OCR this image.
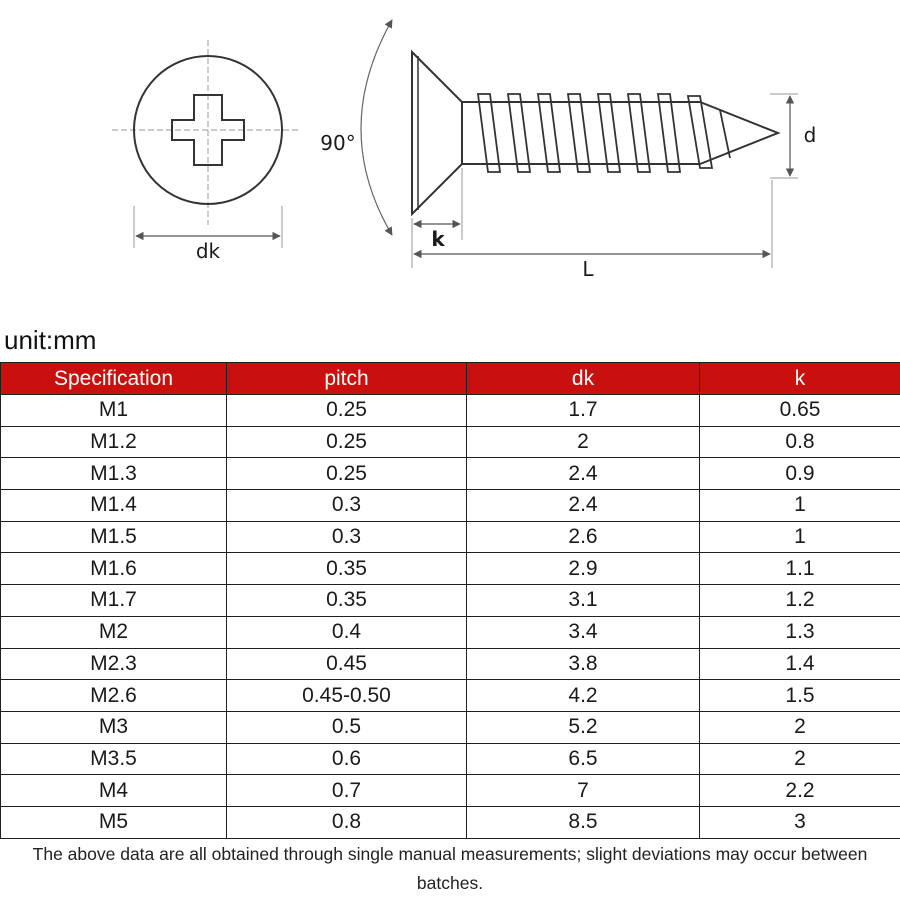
dk
90°	d
k
L
unit:mm
Specification	pitch	dk	k
M1	0.25	1.7	0.65
M1.2	0.25	2	0.8
M1.3	0.25	2.4	0.9
M1.4	0.3	2.4	1
M1.5	0.3	2.6	1
M1.6	0.35	2.9	1.1
M1.7	0.35	3.1	1.2
M2	0.4	3.4	1.3
M2.3	0.45	3.8	1.4
M2.6	0.45-0.50	4.2	1.5
M3	0.5	5.2	2
M3.5	0.6	6.5	2
M4	0.7	7	2.2
M5	0.8	8.5	3
The above data are all obtained through single manual measurements; slight deviations may occur between batches.
